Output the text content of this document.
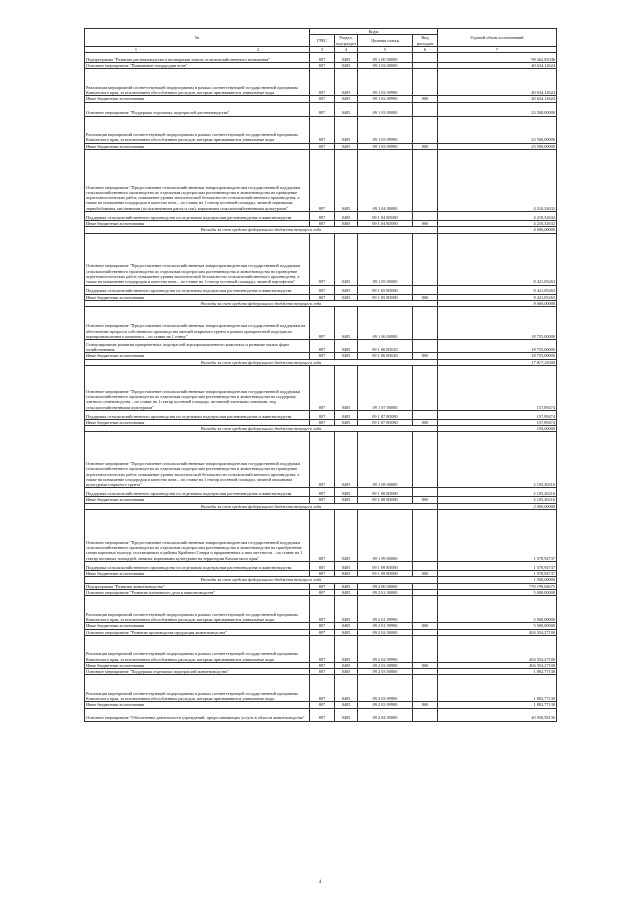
№	Коды				Годовой объем ассигнований
	ГРБС	Раздел, под-раздел	Целевая статья	Вид расходов	
1 2	3	4	5	6	7
Подпрограмма "Развитие растениеводства и мелиорации земель сельскохозяйственного назначения"	807	0405	09 1 00 00000		99 362,81046
Основное мероприятие "Повышение плодородия почв"	807	0405	09 1 02 00000		40 634,12624
Реализация мероприятий соответствующей подпрограммы в рамках соответствующей государственной программы Камчатского края, за исключением обособленных расходов, которым присваиваются уникальные коды	807	0405	09 1 02 09990		40 634,12624
Иные бюджетные ассигнования	807	0405	09 1 02 09990	800	40 634,12624
Основное мероприятие "Поддержка отдельных подотраслей растениеводства"	807	0405	09 1 03 00000		23 500,00000
Реализация мероприятий соответствующей подпрограммы в рамках соответствующей государственной программы Камчатского края, за исключением обособленных расходов, которым присваиваются уникальные коды	807	0405	09 1 03 09990		23 500,00000
Иные бюджетные ассигнования	807	0405	09 1 03 09990	800	23 500,00000
Основное мероприятие "Предоставление сельскохозяйственным товаропроизводителям государственной поддержки сельскохозяйственного производства по отдельным подотраслям растениеводства и животноводства на проведение агротехнологических работ, повышение уровня экологической безопасности сельскохозяйственного производства, а также на повышение плодородия и качества почв – по ставке на 1 гектар посевной площади, занятой зерновыми, зернобобовыми, масличными (за исключением рапса и сои), кормовыми сельскохозяйственными культурами"	807	0405	09 1 04 00000		4 210,32632
Поддержка сельскохозяйственного производства по отдельным подотраслям растениеводства и животноводства	807	0405	09 1 04 R5080		4 210,32632
Иные бюджетные ассигнования	807	0405	09 1 04 R5080	800	4 210,32632
Расходы за счет средств федерального бюджета текущего года					4 000,00000
Основное мероприятие "Предоставление сельскохозяйственным товаропроизводителям государственной поддержки сельскохозяйственного производства по отдельным подотраслям растениеводства и животноводства на проведение агротехнологических работ, повышение уровня экологической безопасности сельскохозяйственного производства, а также на повышение плодородия и качества почв – по ставке на 1 гектар посевной площади, занятой картофелем"	807	0405	09 1 05 00000		8 421,05263
Поддержка сельскохозяйственного производства по отдельным подотраслям растениеводства и животноводства	807	0405	09 1 05 R5080		8 421,05263
Иные бюджетные ассигнования	807	0405	09 1 05 R5080	800	8 421,05263
Расходы за счет средств федерального бюджета текущего года					8 000,00000
Основное мероприятие "Предоставление сельскохозяйственным товаропроизводителям государственной поддержки на обеспечение прироста собственного производства овощей открытого грунта в рамках приоритетной подотрасли агропромышленного комплекса – по ставке на 1 тонну"	807	0405	09 1 06 00000		18 755,00000
Стимулирование развития приоритетных подотраслей агропромышленного комплекса и развитие малых форм хозяйствования	807	0405	09 1 06 R5020		18 755,00000
Иные бюджетные ассигнования	807	0405	09 1 06 R5020	800	18 755,00000
Расходы за счет средств федерального бюджета текущего года					17 817,25000
Основное мероприятие "Предоставление сельскохозяйственным товаропроизводителям государственной поддержки сельскохозяйственного производства по отдельным подотраслям растениеводства и животноводства на поддержку элитного семеноводства – по ставке на 1 гектар посевной площади, засеянной элитными семенами, под сельскохозяйственными культурами"	807	0405	09 1 07 00000		157,89474
Поддержка сельскохозяйственного производства по отдельным подотраслям растениеводства и животноводства	807	0405	09 1 07 R5080		157,89474
Иные бюджетные ассигнования	807	0405	09 1 07 R5080	800	157,89474
Расходы за счет средств федерального бюджета текущего года					150,00000
Основное мероприятие "Предоставление сельскохозяйственным товаропроизводителям государственной поддержки сельскохозяйственного производства по отдельным подотраслям растениеводства и животноводства на проведение агротехнологических работ, повышение уровня экологической безопасности сельскохозяйственного производства, а также на повышение плодородия и качества почв – по ставке на 1 гектар посевной площади, занятой овощными культурами открытого грунта"	807	0405	09 1 08 00000		2 105,26316
Поддержка сельскохозяйственного производства по отдельным подотраслям растениеводства и животноводства	807	0405	09 1 08 R5080		2 105,26316
Иные бюджетные ассигнования	807	0405	09 1 08 R5080	800	2 105,26316
Расходы за счет средств федерального бюджета текущего года					2 000,00000
Основное мероприятие "Предоставление сельскохозяйственным товаропроизводителям государственной поддержки сельскохозяйственного производства по отдельным подотраслям растениеводства и животноводства на приобретение семян кормовых культур, поставляемых в районы Крайнего Севера и приравненных к ним местности – по ставке на 1 гектар посевных площадей, занятых кормовыми культурами на территории Камчатского края"	807	0405	09 1 09 00000		1 578,94737
Поддержка сельскохозяйственного производства по отдельным подотраслям растениеводства и животноводства	807	0405	09 1 09 R5080		1 578,94737
Иные бюджетные ассигнования	807	0405	09 1 09 R5080	800	1 578,94737
Расходы за счет средств федерального бюджета текущего года					1 500,00000
Подпрограмма "Развитие животноводства"	807	0405	09 2 00 00000		770 199,04675
Основное мероприятие "Развитие племенного дела в животноводстве"	807	0405	09 2 01 00000		5 000,00000
Реализация мероприятий соответствующей подпрограммы в рамках соответствующей государственной программы Камчатского края, за исключением обособленных расходов, которым присваиваются уникальные коды	807	0405	09 2 01 09990		5 000,00000
Иные бюджетные ассигнования	807	0405	09 2 01 09990	800	5 000,00000
Основное мероприятие "Развитие производства продукции животноводства"	807	0405	09 2 02 00000		404 354,27100
Реализация мероприятий соответствующей подпрограммы в рамках соответствующей государственной программы Камчатского края, за исключением обособленных расходов, которым присваиваются уникальные коды	807	0405	09 2 02 09990		404 354,27100
Иные бюджетные ассигнования	807	0405	09 2 02 09990	800	404 354,27100
Основное мероприятие "Поддержка отдельных подотраслей животноводства"	807	0405	09 2 03 00000		1 882,77130
Реализация мероприятий соответствующей подпрограммы в рамках соответствующей государственной программы Камчатского края, за исключением обособленных расходов, которым присваиваются уникальные коды	807	0405	09 2 03 09990		1 882,77130
Иные бюджетные ассигнования	807	0405	09 2 03 09990	800	1 882,77130
Основное мероприятие "Обеспечение деятельности учреждений, предоставляющих услуги в области животноводства"	807	0405	09 2 04 00000		40 930,58130
4
